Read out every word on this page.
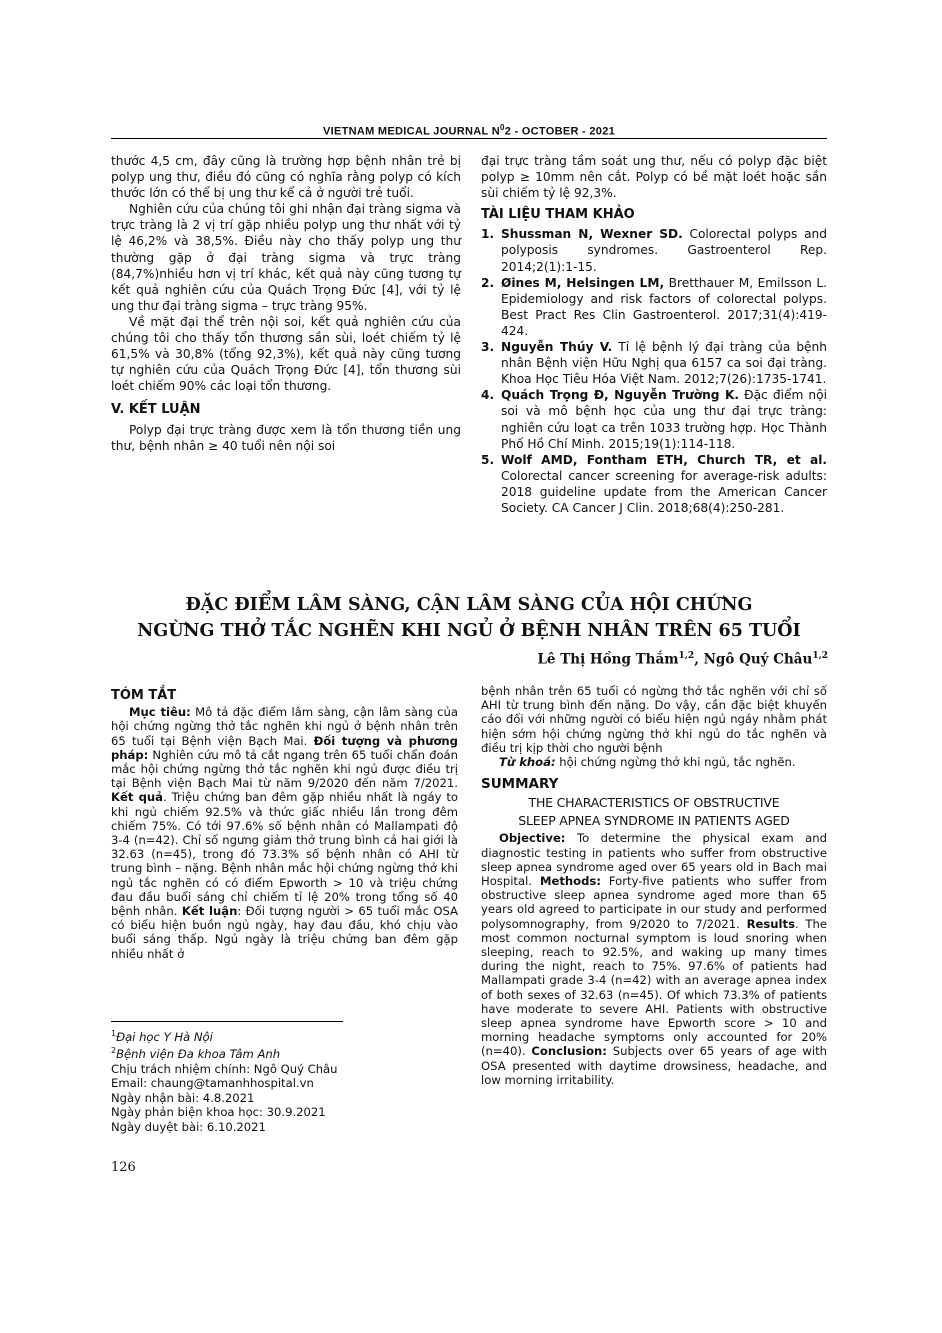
VIETNAM MEDICAL JOURNAL $N^02$ - OCTOBER - 2021

thước 4,5 cm, đây cũng là trường hợp bệnh nhân trẻ bị polyp ung thư, điều đó cũng có nghĩa rằng polyp có kích thước lớn có thể bị ung thư kể cả ở người trẻ tuổi.

Nghiên cứu của chúng tôi ghi nhận đại tràng sigma và trực tràng là 2 vị trí gặp nhiều polyp ung thư nhất với tỷ lệ 46,2% và 38,5%. Điều này cho thấy polyp ung thư thường gặp ở đại tràng sigma và trực tràng (84,7%)nhiều hơn vị trí khác, kết quả này cũng tương tự kết quả nghiên cứu của Quách Trọng Đức [4], với tỷ lệ ung thư đại tràng sigma – trực tràng 95%.

Về mặt đại thể trên nội soi, kết quả nghiên cứu của chúng tôi cho thấy tổn thương sần sùi, loét chiếm tỷ lệ 61,5% và 30,8% (tổng 92,3%), kết quả này cũng tương tự nghiên cứu của Quách Trọng Đức [4], tổn thương sùi loét chiếm 90% các loại tổn thương.

V. KẾT LUẬN

Polyp đại trực tràng được xem là tổn thương tiền ung thư, bệnh nhân ≥ 40 tuổi nên nội soi

đại trực tràng tầm soát ung thư, nếu có polyp đặc biệt polyp ≥ 10mm nên cắt. Polyp có bề mặt loét hoặc sần sùi chiếm tỷ lệ 92,3%.

TÀI LIỆU THAM KHẢO
1. Shussman N, Wexner SD. Colorectal polyps and polyposis syndromes. Gastroenterol Rep. 2014;2(1):1-15.
2. Øines M, Helsingen LM, Bretthauer M, Emilsson L. Epidemiology and risk factors of colorectal polyps. Best Pract Res Clin Gastroenterol. 2017;31(4):419-424.
3. Nguyễn Thúy V. Tỉ lệ bệnh lý đại tràng của bệnh nhân Bệnh viện Hữu Nghị qua 6157 ca soi đại tràng. Khoa Học Tiêu Hóa Việt Nam. 2012;7(26):1735-1741.
4. Quách Trọng Đ, Nguyễn Trường K. Đặc điểm nội soi và mô bệnh học của ung thư đại trực tràng: nghiên cứu loạt ca trên 1033 trường hợp. Học Thành Phố Hồ Chí Minh. 2015;19(1):114-118.
5. Wolf AMD, Fontham ETH, Church TR, et al. Colorectal cancer screening for average-risk adults: 2018 guideline update from the American Cancer Society. CA Cancer J Clin. 2018;68(4):250-281.
ĐẶC ĐIỂM LÂM SÀNG, CẬN LÂM SÀNG CỦA HỘI CHỨNG
NGỪNG THỞ TẮC NGHẼN KHI NGỦ Ở BỆNH NHÂN TRÊN 65 TUỔI
Lê Thị Hồng Thắm$^{1,2}$, Ngô Quý Châu$^{1,2}$
TÓM TẮT

Mục tiêu: Mô tả đặc điểm lâm sàng, cận lâm sàng của hội chứng ngừng thở tắc nghẽn khi ngủ ở bệnh nhân trên 65 tuổi tại Bệnh viện Bạch Mai. Đối tượng và phương pháp: Nghiên cứu mô tả cắt ngang trên 65 tuổi chẩn đoán mắc hội chứng ngừng thở tắc nghẽn khi ngủ được điều trị tại Bệnh viện Bạch Mai từ năm 9/2020 đến năm 7/2021. Kết quả. Triệu chứng ban đêm gặp nhiều nhất là ngáy to khi ngủ chiếm 92.5% và thức giấc nhiều lần trong đêm chiếm 75%. Có tới 97.6% số bệnh nhân có Mallampati độ 3-4 (n=42). Chỉ số ngưng giảm thở trung bình cả hai giới là 32.63 (n=45), trong đó 73.3% số bệnh nhân có AHI từ trung bình – nặng. Bệnh nhân mắc hội chứng ngừng thở khi ngủ tắc nghẽn có có điểm Epworth > 10 và triệu chứng đau đầu buổi sáng chỉ chiếm tỉ lệ 20% trong tổng số 40 bệnh nhân. Kết luận: Đối tượng người > 65 tuổi mắc OSA có biểu hiện buồn ngủ ngày, hay đau đầu, khó chịu vào buổi sáng thấp. Ngủ ngày là triệu chứng ban đêm gặp nhiều nhất ở

bệnh nhân trên 65 tuổi có ngừng thở tắc nghẽn với chỉ số AHI từ trung bình đến nặng. Do vậy, cần đặc biệt khuyến cáo đối với những người có biểu hiện ngủ ngáy nhằm phát hiện sớm hội chứng ngừng thở khi ngủ do tắc nghẽn và điều trị kịp thời cho người bệnh

Từ khoá: hội chứng ngừng thở khi ngủ, tắc nghẽn.

SUMMARY
THE CHARACTERISTICS OF OBSTRUCTIVE
SLEEP APNEA SYNDROME IN PATIENTS AGED

Objective: To determine the physical exam and diagnostic testing in patients who suffer from obstructive sleep apnea syndrome aged over 65 years old in Bach mai Hospital. Methods: Forty-five patients who suffer from obstructive sleep apnea syndrome aged more than 65 years old agreed to participate in our study and performed polysomnography, from 9/2020 to 7/2021. Results. The most common nocturnal symptom is loud snoring when sleeping, reach to 92.5%, and waking up many times during the night, reach to 75%. 97.6% of patients had Mallampati grade 3-4 (n=42) with an average apnea index of both sexes of 32.63 (n=45). Of which 73.3% of patients have moderate to severe AHI. Patients with obstructive sleep apnea syndrome have Epworth score > 10 and morning headache symptoms only accounted for 20% (n=40). Conclusion: Subjects over 65 years of age with OSA presented with daytime drowsiness, headache, and low morning irritability.

$^1$Đại học Y Hà Nội
$^2$Bệnh viện Đa khoa Tâm Anh
Chịu trách nhiệm chính: Ngô Quý Châu
Email: chaung@tamanhhospital.vn
Ngày nhận bài: 4.8.2021
Ngày phản biện khoa học: 30.9.2021
Ngày duyệt bài: 6.10.2021
126
